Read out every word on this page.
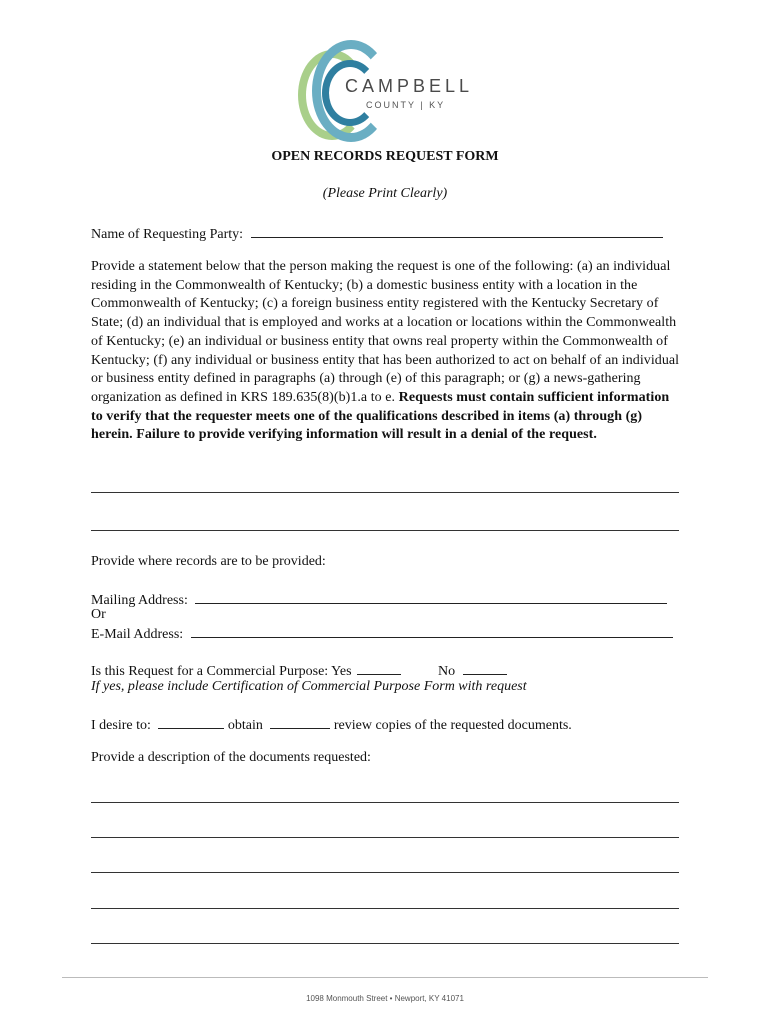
CAMPBELL
COUNTY | KY
OPEN RECORDS REQUEST FORM
(Please Print Clearly)
Name of Requesting Party:
Provide a statement below that the person making the request is one of the following: (a) an individual residing in the Commonwealth of Kentucky; (b) a domestic business entity with a location in the Commonwealth of Kentucky; (c) a foreign business entity registered with the Kentucky Secretary of State; (d) an individual that is employed and works at a location or locations within the Commonwealth of Kentucky; (e) an individual or business entity that owns real property within the Commonwealth of Kentucky; (f) any individual or business entity that has been authorized to act on behalf of an individual or business entity defined in paragraphs (a) through (e) of this paragraph; or (g) a news-gathering organization as defined in KRS 189.635(8)(b)1.a to e. Requests must contain sufficient information to verify that the requester meets one of the qualifications described in items (a) through (g) herein. Failure to provide verifying information will result in a denial of the request.
Provide where records are to be provided:
Mailing Address:
Or
E-Mail Address:
Is this Request for a Commercial Purpose: Yes	No
If yes, please include Certification of Commercial Purpose Form with request
I desire to:	obtain	review copies of the requested documents.
Provide a description of the documents requested:
1098 Monmouth Street • Newport, KY 41071
